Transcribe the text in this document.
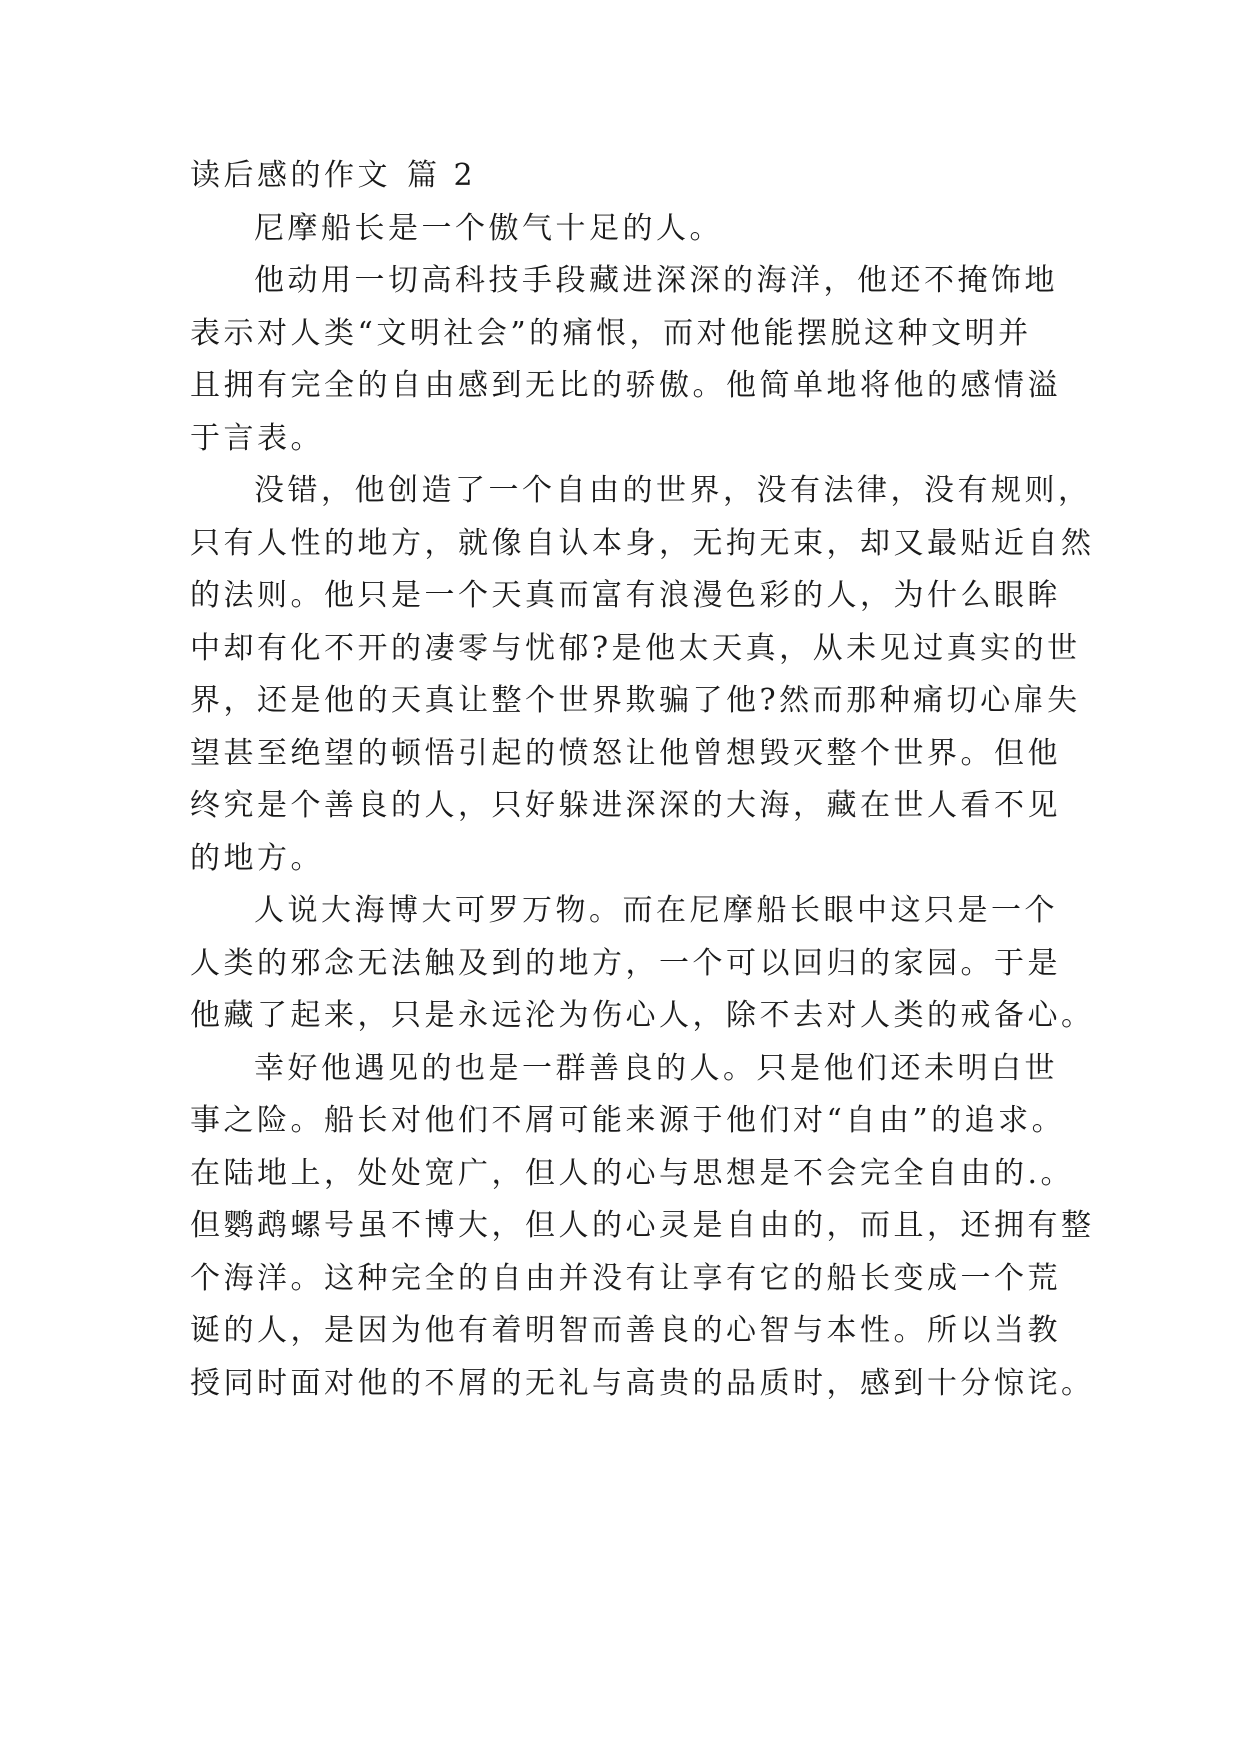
读后感的作文 篇 2

尼摩船长是一个傲气十足的人。

他动用一切高科技手段藏进深深的海洋，他还不掩饰地
表示对人类“文明社会”的痛恨，而对他能摆脱这种文明并
且拥有完全的自由感到无比的骄傲。他简单地将他的感情溢
于言表。

没错，他创造了一个自由的世界，没有法律，没有规则，
只有人性的地方，就像自认本身，无拘无束，却又最贴近自然
的法则。他只是一个天真而富有浪漫色彩的人，为什么眼眸
中却有化不开的凄零与忧郁?是他太天真，从未见过真实的世
界，还是他的天真让整个世界欺骗了他?然而那种痛切心扉失
望甚至绝望的顿悟引起的愤怒让他曾想毁灭整个世界。但他
终究是个善良的人，只好躲进深深的大海，藏在世人看不见
的地方。

人说大海博大可罗万物。而在尼摩船长眼中这只是一个
人类的邪念无法触及到的地方，一个可以回归的家园。于是
他藏了起来，只是永远沦为伤心人，除不去对人类的戒备心。

幸好他遇见的也是一群善良的人。只是他们还未明白世
事之险。船长对他们不屑可能来源于他们对“自由”的追求。
在陆地上，处处宽广，但人的心与思想是不会完全自由的.。
但鹦鹉螺号虽不博大，但人的心灵是自由的，而且，还拥有整
个海洋。这种完全的自由并没有让享有它的船长变成一个荒
诞的人，是因为他有着明智而善良的心智与本性。所以当教
授同时面对他的不屑的无礼与高贵的品质时，感到十分惊诧。
